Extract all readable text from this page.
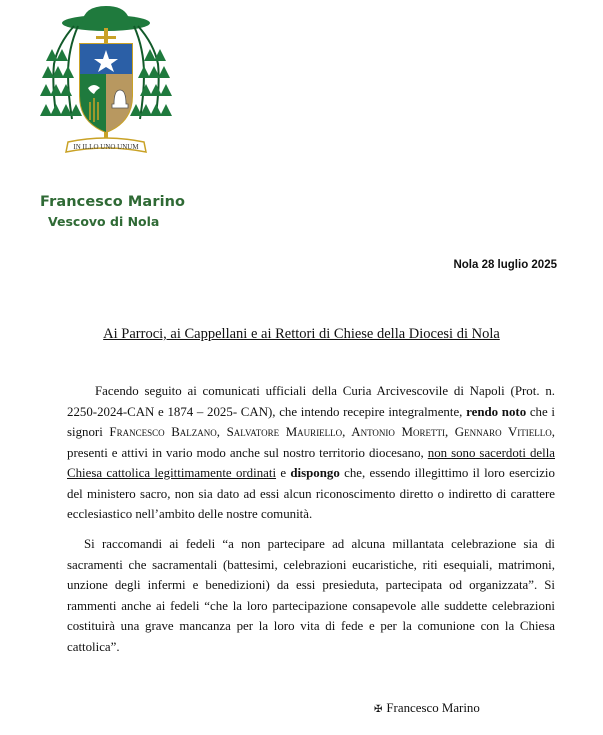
IN ILLO UNO UNUM
Francesco Marino
Vescovo di Nola
Nola 28 luglio 2025
Ai Parroci, ai Cappellani e ai Rettori di Chiese della Diocesi di Nola
Facendo seguito ai comunicati ufficiali della Curia Arcivescovile di Napoli (Prot. n. 2250-2024-CAN e 1874 – 2025- CAN), che intendo recepire integralmente, rendo noto che i signori Francesco Balzano, Salvatore Mauriello, Antonio Moretti, Gennaro Vitiello, presenti e attivi in vario modo anche sul nostro territorio diocesano, non sono sacerdoti della Chiesa cattolica legittimamente ordinati e dispongo che, essendo illegittimo il loro esercizio del ministero sacro, non sia dato ad essi alcun riconoscimento diretto o indiretto di carattere ecclesiastico nell’ambito delle nostre comunità.
Si raccomandi ai fedeli “a non partecipare ad alcuna millantata celebrazione sia di sacramenti che sacramentali (battesimi, celebrazioni eucaristiche, riti esequiali, matrimoni, unzione degli infermi e benedizioni) da essi presieduta, partecipata od organizzata”. Si rammenti anche ai fedeli “che la loro partecipazione consapevole alle suddette celebrazioni costituirà una grave mancanza per la loro vita di fede e per la comunione con la Chiesa cattolica”.
✠ Francesco Marino
